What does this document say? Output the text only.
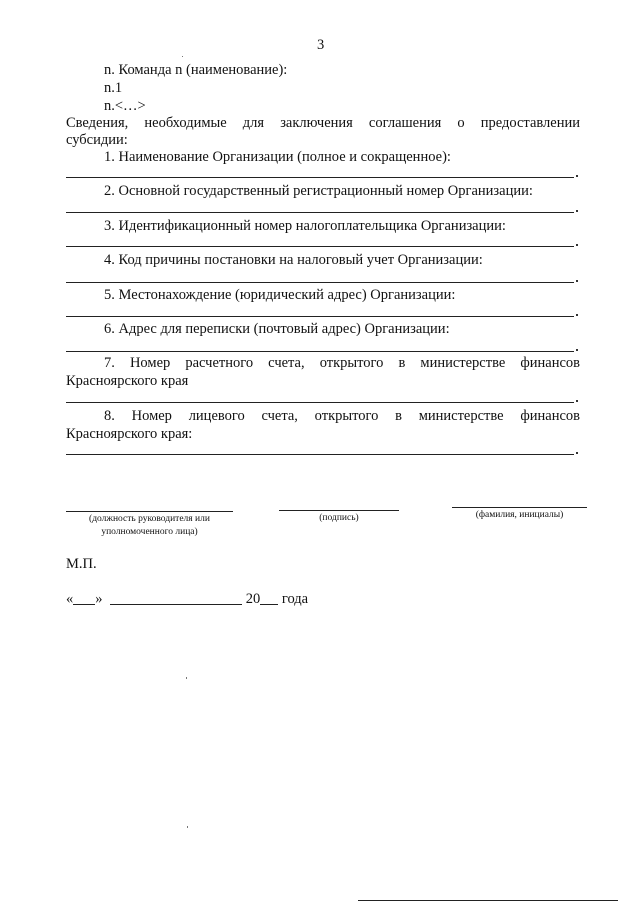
3
n. Команда n (наименование):
n.1
n.<…>
Сведения, необходимые для заключения соглашения о предоставлении
субсидии:
1. Наименование Организации (полное и сокращенное):
2. Основной государственный регистрационный номер Организации:
3. Идентификационный номер налогоплательщика Организации:
4. Код причины постановки на налоговый учет Организации:
5. Местонахождение (юридический адрес) Организации:
6. Адрес для переписки (почтовый адрес) Организации:
7. Номер расчетного счета, открытого в министерстве финансов
Красноярского края
8. Номер лицевого счета, открытого в министерстве финансов
Красноярского края:
(должность руководителя или
уполномоченного лица)
(подпись)	(фамилия, инициалы)
М.П.
« »	20 года
